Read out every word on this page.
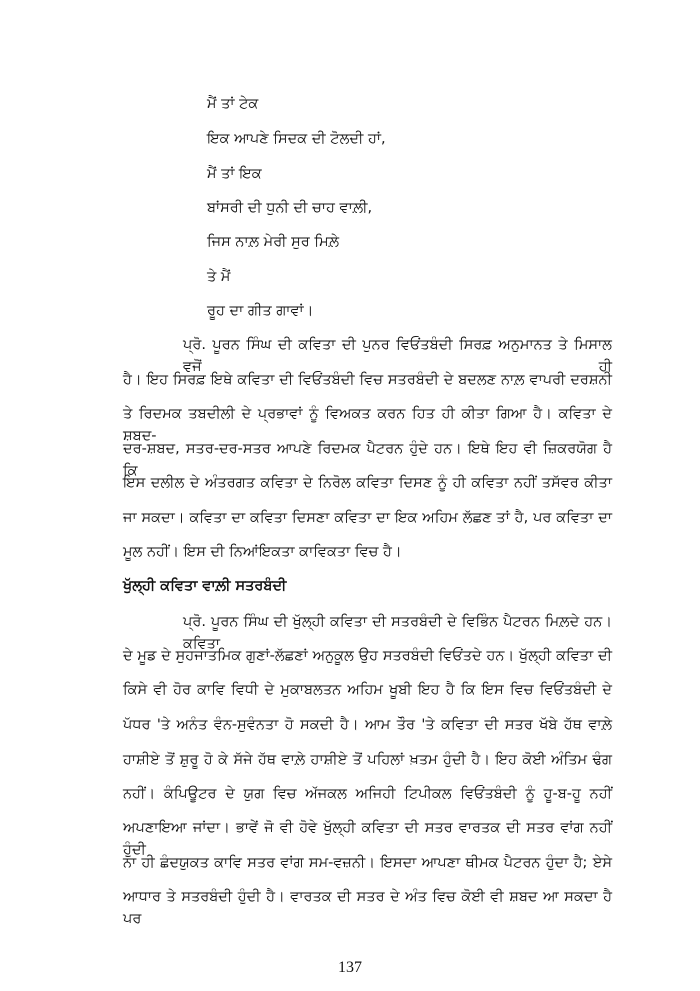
ਮੈਂ ਤਾਂ ਟੇਕ
ਇਕ ਆਪਣੇ ਸਿਦਕ ਦੀ ਟੋਲਦੀ ਹਾਂ,
ਮੈਂ ਤਾਂ ਇਕ
ਬਾਂਸਰੀ ਦੀ ਧੁਨੀ ਦੀ ਚਾਹ ਵਾਲ਼ੀ,
ਜਿਸ ਨਾਲ਼ ਮੇਰੀ ਸੁਰ ਮਿਲ਼ੇ
ਤੇ ਮੈਂ
ਰੂਹ ਦਾ ਗੀਤ ਗਾਵਾਂ।
ਪ੍ਰੋ. ਪੂਰਨ ਸਿੰਘ ਦੀ ਕਵਿਤਾ ਦੀ ਪੁਨਰ ਵਿਓਂਤਬੰਦੀ ਸਿਰਫ਼ ਅਨੁਮਾਨਤ ਤੇ ਮਿਸਾਲ ਵਜੋਂ ਹੀ
ਹੈ। ਇਹ ਸਿਰਫ਼ ਇਥੇ ਕਵਿਤਾ ਦੀ ਵਿਓਂਤਬੰਦੀ ਵਿਚ ਸਤਰਬੰਦੀ ਦੇ ਬਦਲਣ ਨਾਲ਼ ਵਾਪਰੀ ਦਰਸ਼ਨੀ
ਤੇ ਰਿਦਮਕ ਤਬਦੀਲੀ ਦੇ ਪ੍ਰਭਾਵਾਂ ਨੂੰ ਵਿਅਕਤ ਕਰਨ ਹਿਤ ਹੀ ਕੀਤਾ ਗਿਆ ਹੈ। ਕਵਿਤਾ ਦੇ ਸ਼ਬਦ-
ਦਰ-ਸ਼ਬਦ, ਸਤਰ-ਦਰ-ਸਤਰ ਆਪਣੇ ਰਿਦਮਕ ਪੈਟਰਨ ਹੁੰਦੇ ਹਨ। ਇਥੇ ਇਹ ਵੀ ਜ਼ਿਕਰਯੋਗ ਹੈ ਕਿ
ਇਸ ਦਲੀਲ ਦੇ ਅੰਤਰਗਤ ਕਵਿਤਾ ਦੇ ਨਿਰੋਲ ਕਵਿਤਾ ਦਿਸਣ ਨੂੰ ਹੀ ਕਵਿਤਾ ਨਹੀਂ ਤਸੱਵਰ ਕੀਤਾ
ਜਾ ਸਕਦਾ। ਕਵਿਤਾ ਦਾ ਕਵਿਤਾ ਦਿਸਣਾ ਕਵਿਤਾ ਦਾ ਇਕ ਅਹਿਮ ਲੱਛਣ ਤਾਂ ਹੈ, ਪਰ ਕਵਿਤਾ ਦਾ
ਮੂਲ ਨਹੀਂ। ਇਸ ਦੀ ਨਿਆਂਇਕਤਾ ਕਾਵਿਕਤਾ ਵਿਚ ਹੈ।
ਖੁੱਲ੍ਹੀ ਕਵਿਤਾ ਵਾਲ਼ੀ ਸਤਰਬੰਦੀ
ਪ੍ਰੋ. ਪੂਰਨ ਸਿੰਘ ਦੀ ਖੁੱਲ੍ਹੀ ਕਵਿਤਾ ਦੀ ਸਤਰਬੰਦੀ ਦੇ ਵਿਭਿੰਨ ਪੈਟਰਨ ਮਿਲ਼ਦੇ ਹਨ। ਕਵਿਤਾ
ਦੇ ਮੂਡ ਦੇ ਸੁਹਜਾਤਮਿਕ ਗੁਣਾਂ-ਲੱਛਣਾਂ ਅਨੁਕੂਲ ਉਹ ਸਤਰਬੰਦੀ ਵਿਓਂਤਦੇ ਹਨ। ਖੁੱਲ੍ਹੀ ਕਵਿਤਾ ਦੀ
ਕਿਸੇ ਵੀ ਹੋਰ ਕਾਵਿ ਵਿਧੀ ਦੇ ਮੁਕਾਬਲਤਨ ਅਹਿਮ ਖੂਬੀ ਇਹ ਹੈ ਕਿ ਇਸ ਵਿਚ ਵਿਓਂਤਬੰਦੀ ਦੇ
ਪੱਧਰ 'ਤੇ ਅਨੰਤ ਵੰਨ-ਸੁਵੰਨਤਾ ਹੋ ਸਕਦੀ ਹੈ। ਆਮ ਤੌਰ 'ਤੇ ਕਵਿਤਾ ਦੀ ਸਤਰ ਖੱਬੇ ਹੱਥ ਵਾਲ਼ੇ
ਹਾਸ਼ੀਏ ਤੋਂ ਸ਼ੁਰੂ ਹੋ ਕੇ ਸੱਜੇ ਹੱਥ ਵਾਲ਼ੇ ਹਾਸ਼ੀਏ ਤੋਂ ਪਹਿਲਾਂ ਖ਼ਤਮ ਹੁੰਦੀ ਹੈ। ਇਹ ਕੋਈ ਅੰਤਿਮ ਢੰਗ
ਨਹੀਂ। ਕੰਪਿਊਟਰ ਦੇ ਯੁਗ ਵਿਚ ਅੱਜਕਲ ਅਜਿਹੀ ਟਿਪੀਕਲ ਵਿਓਂਤਬੰਦੀ ਨੂੰ ਹੂ-ਬ-ਹੂ ਨਹੀਂ
ਅਪਣਾਇਆ ਜਾਂਦਾ। ਭਾਵੇਂ ਜੋ ਵੀ ਹੋਵੇ ਖੁੱਲ੍ਹੀ ਕਵਿਤਾ ਦੀ ਸਤਰ ਵਾਰਤਕ ਦੀ ਸਤਰ ਵਾਂਗ ਨਹੀਂ ਹੁੰਦੀ
ਨਾ ਹੀ ਛੰਦਯੁਕਤ ਕਾਵਿ ਸਤਰ ਵਾਂਗ ਸਮ-ਵਜ਼ਨੀ। ਇਸਦਾ ਆਪਣਾ ਥੀਮਕ ਪੈਟਰਨ ਹੁੰਦਾ ਹੈ; ਏਸੇ
ਆਧਾਰ ਤੇ ਸਤਰਬੰਦੀ ਹੁੰਦੀ ਹੈ। ਵਾਰਤਕ ਦੀ ਸਤਰ ਦੇ ਅੰਤ ਵਿਚ ਕੋਈ ਵੀ ਸ਼ਬਦ ਆ ਸਕਦਾ ਹੈ ਪਰ
137
